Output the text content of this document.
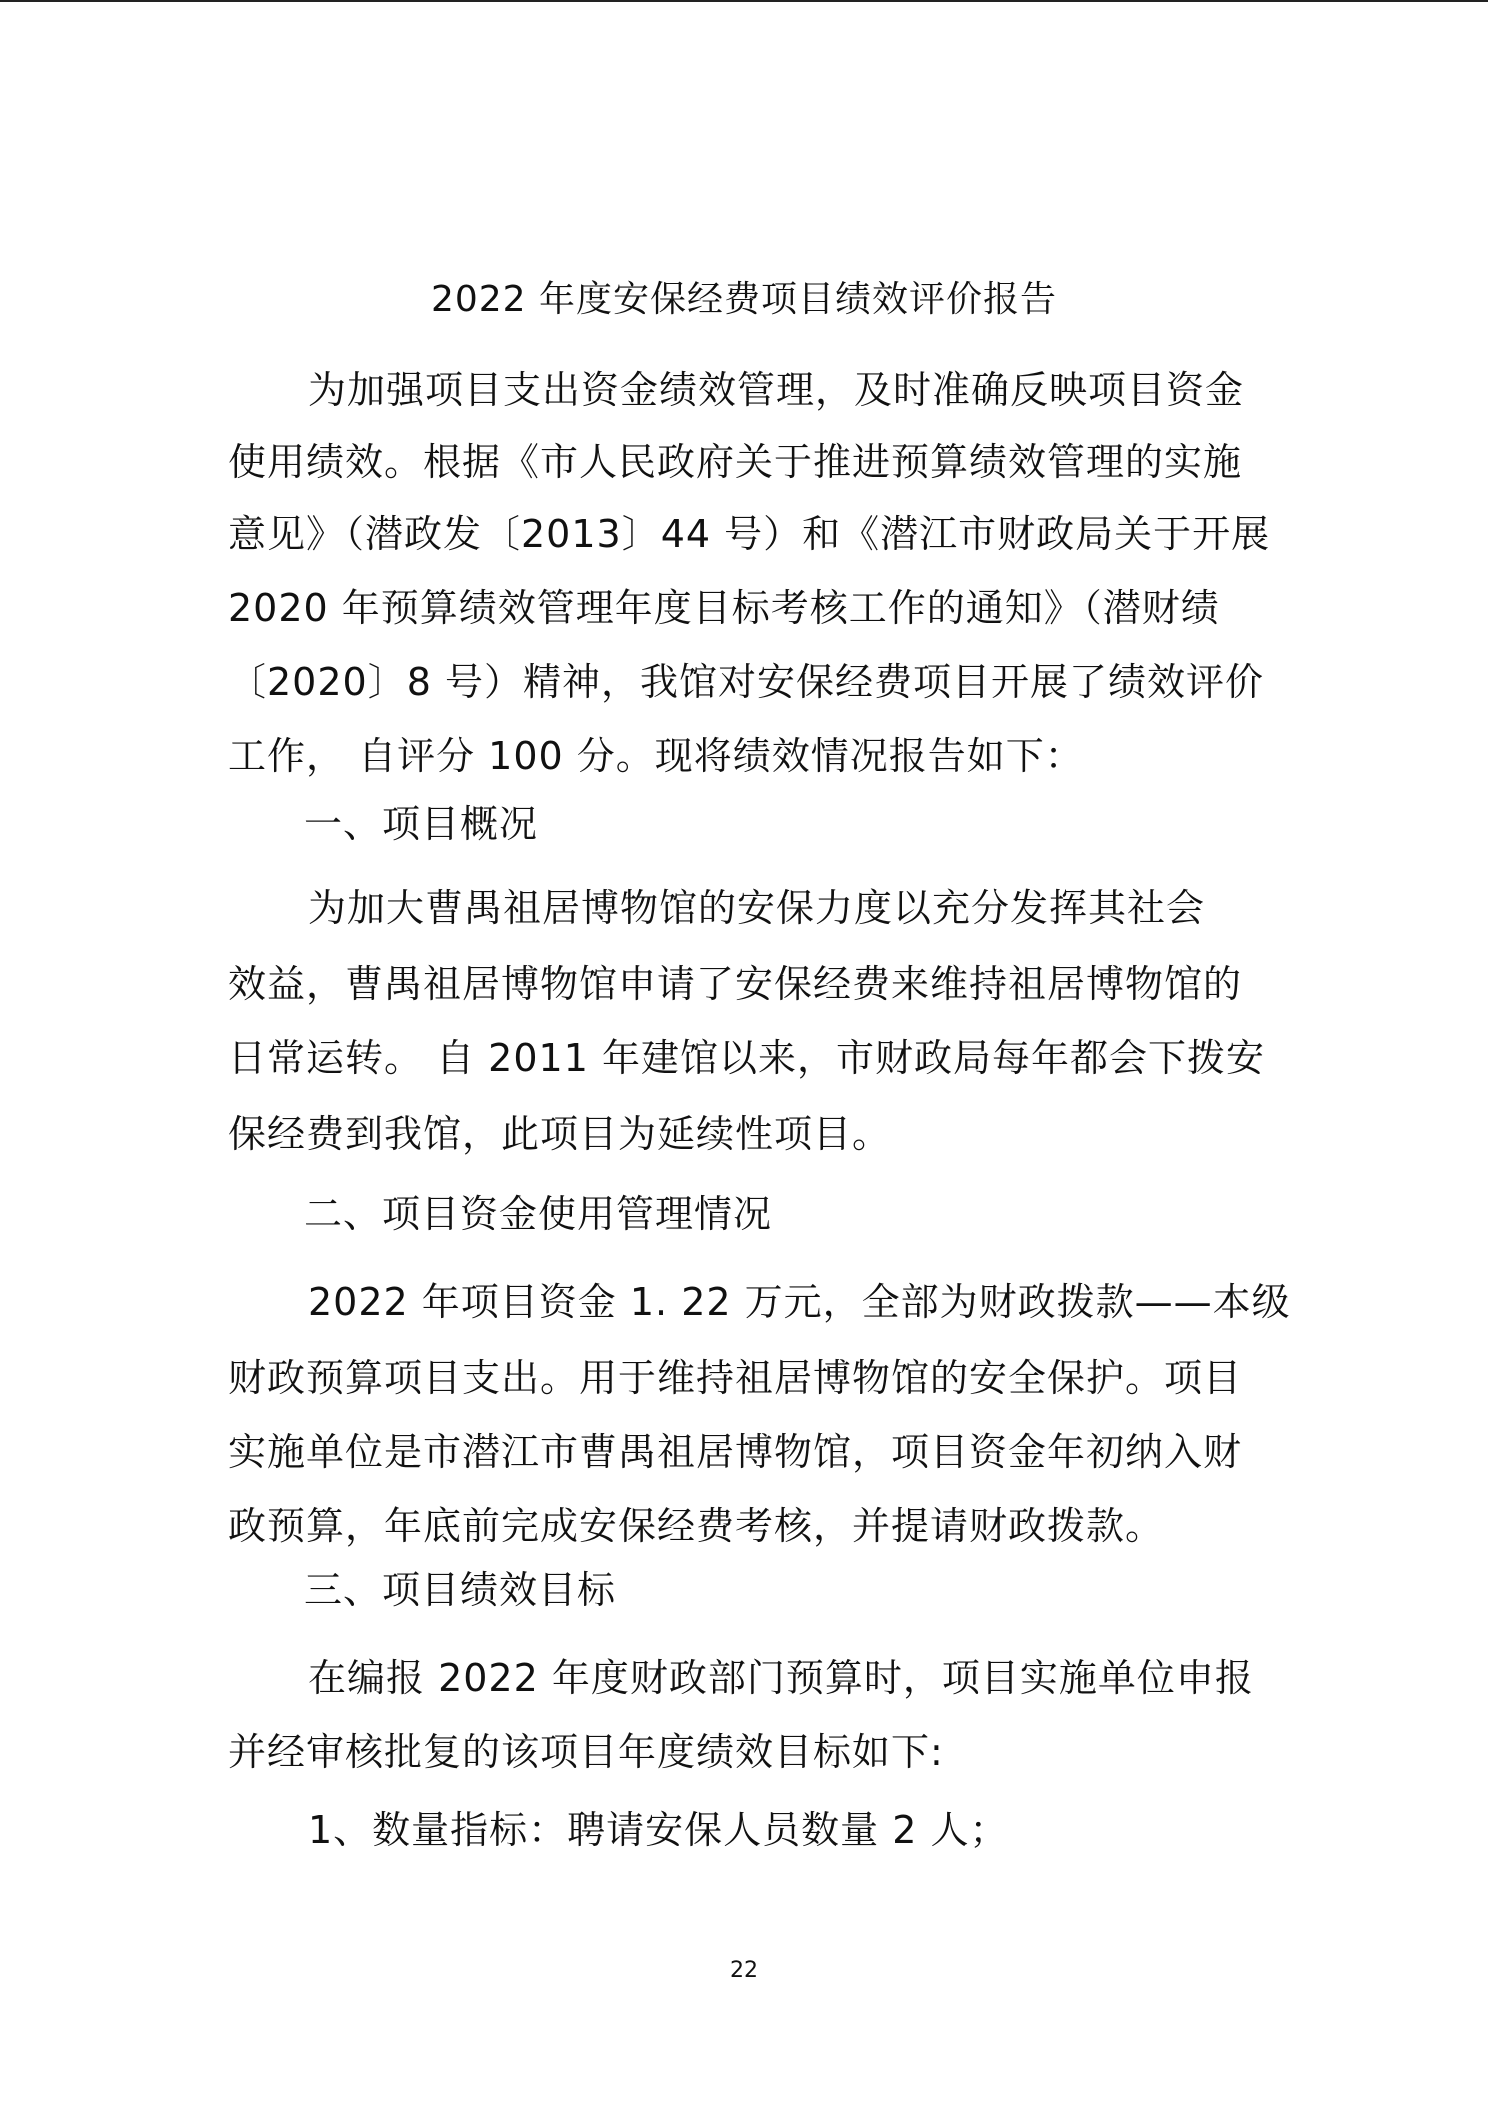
2022 年度安保经费项目绩效评价报告
为加强项目支出资金绩效管理，及时准确反映项目资金
使用绩效。根据《市人民政府关于推进预算绩效管理的实施
意见》（潜政发〔2013〕44 号）和《潜江市财政局关于开展
2020 年预算绩效管理年度目标考核工作的通知》（潜财绩
〔2020〕8 号）精神，我馆对安保经费项目开展了绩效评价
工作， 自评分 100 分。现将绩效情况报告如下：
一、项目概况
为加大曹禺祖居博物馆的安保力度以充分发挥其社会
效益，曹禺祖居博物馆申请了安保经费来维持祖居博物馆的
日常运转。 自 2011 年建馆以来，市财政局每年都会下拨安
保经费到我馆，此项目为延续性项目。
二、项目资金使用管理情况
2022 年项目资金 1. 22 万元，全部为财政拨款——本级
财政预算项目支出。用于维持祖居博物馆的安全保护。项目
实施单位是市潜江市曹禺祖居博物馆，项目资金年初纳入财
政预算，年底前完成安保经费考核，并提请财政拨款。
三、项目绩效目标
在编报 2022 年度财政部门预算时，项目实施单位申报
并经审核批复的该项目年度绩效目标如下:
1、数量指标：聘请安保人员数量 2 人；
22
